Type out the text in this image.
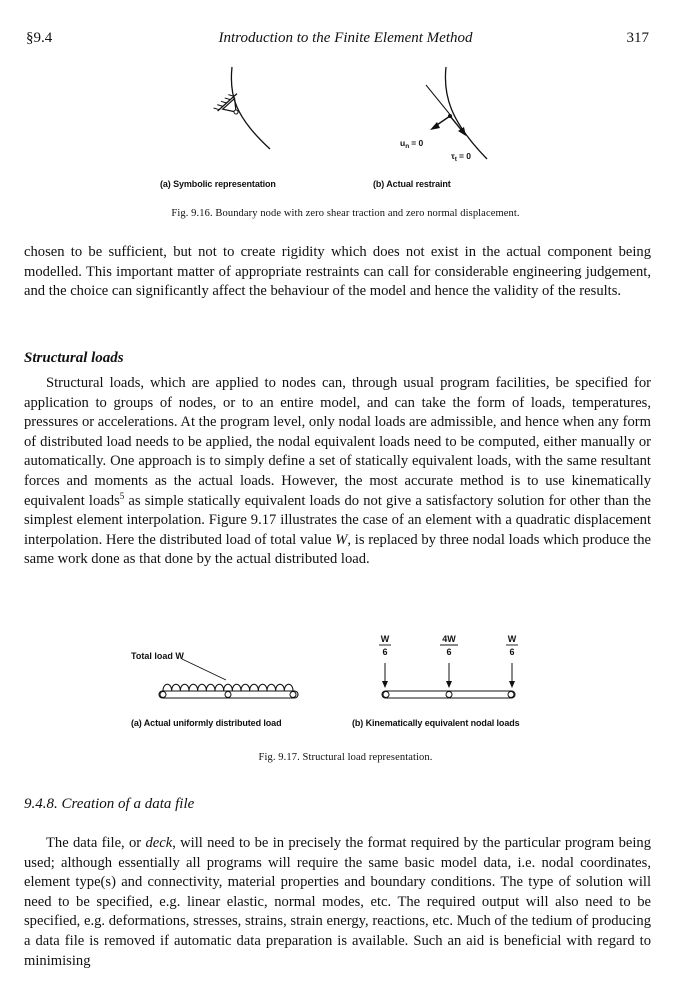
Introduction to the Finite Element Method
§9.4	317
$u_n = 0$
$\tau_t = 0$
(a) Symbolic representation	(b) Actual restraint
Fig. 9.16. Boundary node with zero shear traction and zero normal displacement.

chosen to be sufficient, but not to create rigidity which does not exist in the actual component being modelled. This important matter of appropriate restraints can call for considerable engineering judgement, and the choice can significantly affect the behaviour of the model and hence the validity of the results.

Structural loads

Structural loads, which are applied to nodes can, through usual program facilities, be specified for application to groups of nodes, or to an entire model, and can take the form of loads, temperatures, pressures or accelerations. At the program level, only nodal loads are admissible, and hence when any form of distributed load needs to be applied, the nodal equivalent loads need to be computed, either manually or automatically. One approach is to simply define a set of statically equivalent loads, with the same resultant forces and moments as the actual loads. However, the most accurate method is to use kinematically equivalent loads$^5$ as simple statically equivalent loads do not give a satisfactory solution for other than the simplest element interpolation. Figure 9.17 illustrates the case of an element with a quadratic displacement interpolation. Here the distributed load of total value W, is replaced by three nodal loads which produce the same work done as that done by the actual distributed load.

Total load W
W
6
4W
6
W
6
(a) Actual uniformly distributed load	(b) Kinematically equivalent nodal loads
Fig. 9.17. Structural load representation.
9.4.8. Creation of a data file

The data file, or deck, will need to be in precisely the format required by the particular program being used; although essentially all programs will require the same basic model data, i.e. nodal coordinates, element type(s) and connectivity, material properties and boundary conditions. The type of solution will need to be specified, e.g. linear elastic, normal modes, etc. The required output will also need to be specified, e.g. deformations, stresses, strains, strain energy, reactions, etc. Much of the tedium of producing a data file is removed if automatic data preparation is available. Such an aid is beneficial with regard to minimising
